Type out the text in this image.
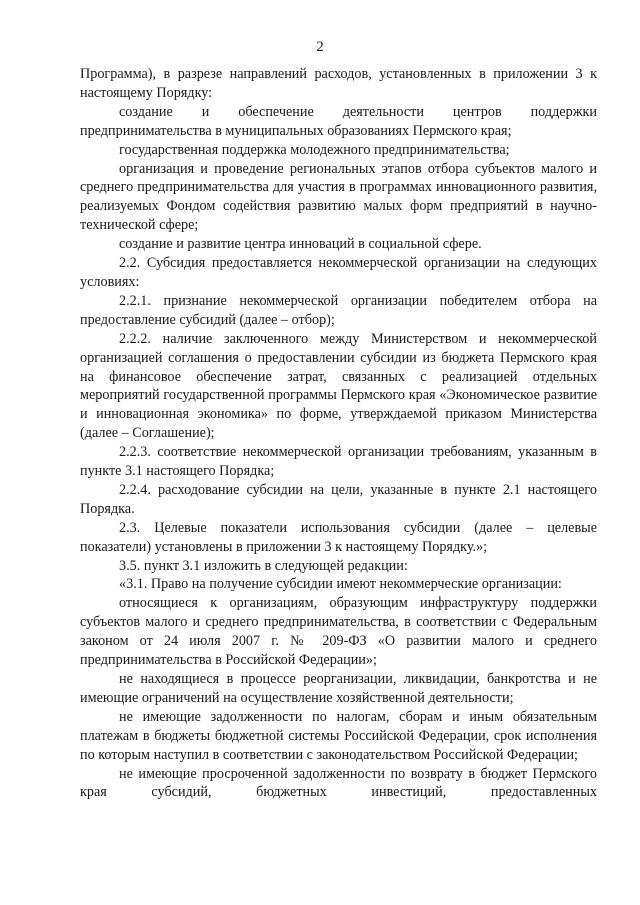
2

Программа), в разрезе направлений расходов, установленных в приложении 3 к настоящему Порядку:

создание и обеспечение деятельности центров поддержки предпринимательства в муниципальных образованиях Пермского края;

государственная поддержка молодежного предпринимательства;

организация и проведение региональных этапов отбора субъектов малого и среднего предпринимательства для участия в программах инновационного развития, реализуемых Фондом содействия развитию малых форм предприятий в научно-технической сфере;

создание и развитие центра инноваций в социальной сфере.

2.2. Субсидия предоставляется некоммерческой организации на следующих условиях:

2.2.1. признание некоммерческой организации победителем отбора на предоставление субсидий (далее – отбор);

2.2.2. наличие заключенного между Министерством и некоммерческой организацией соглашения о предоставлении субсидии из бюджета Пермского края на финансовое обеспечение затрат, связанных с реализацией отдельных мероприятий государственной программы Пермского края «Экономическое развитие и инновационная экономика» по форме, утверждаемой приказом Министерства (далее – Соглашение);

2.2.3. соответствие некоммерческой организации требованиям, указанным в пункте 3.1 настоящего Порядка;

2.2.4. расходование субсидии на цели, указанные в пункте 2.1 настоящего Порядка.

2.3. Целевые показатели использования субсидии (далее – целевые показатели) установлены в приложении 3 к настоящему Порядку.»;

3.5. пункт 3.1 изложить в следующей редакции:

«3.1. Право на получение субсидии имеют некоммерческие организации:

относящиеся к организациям, образующим инфраструктуру поддержки субъектов малого и среднего предпринимательства, в соответствии с Федеральным законом от 24 июля 2007 г. № 209-ФЗ «О развитии малого и среднего предпринимательства в Российской Федерации»;

не находящиеся в процессе реорганизации, ликвидации, банкротства и не имеющие ограничений на осуществление хозяйственной деятельности;

не имеющие задолженности по налогам, сборам и иным обязательным платежам в бюджеты бюджетной системы Российской Федерации, срок исполнения по которым наступил в соответствии с законодательством Российской Федерации;

не имеющие просроченной задолженности по возврату в бюджет Пермского края субсидий, бюджетных инвестиций, предоставленных
